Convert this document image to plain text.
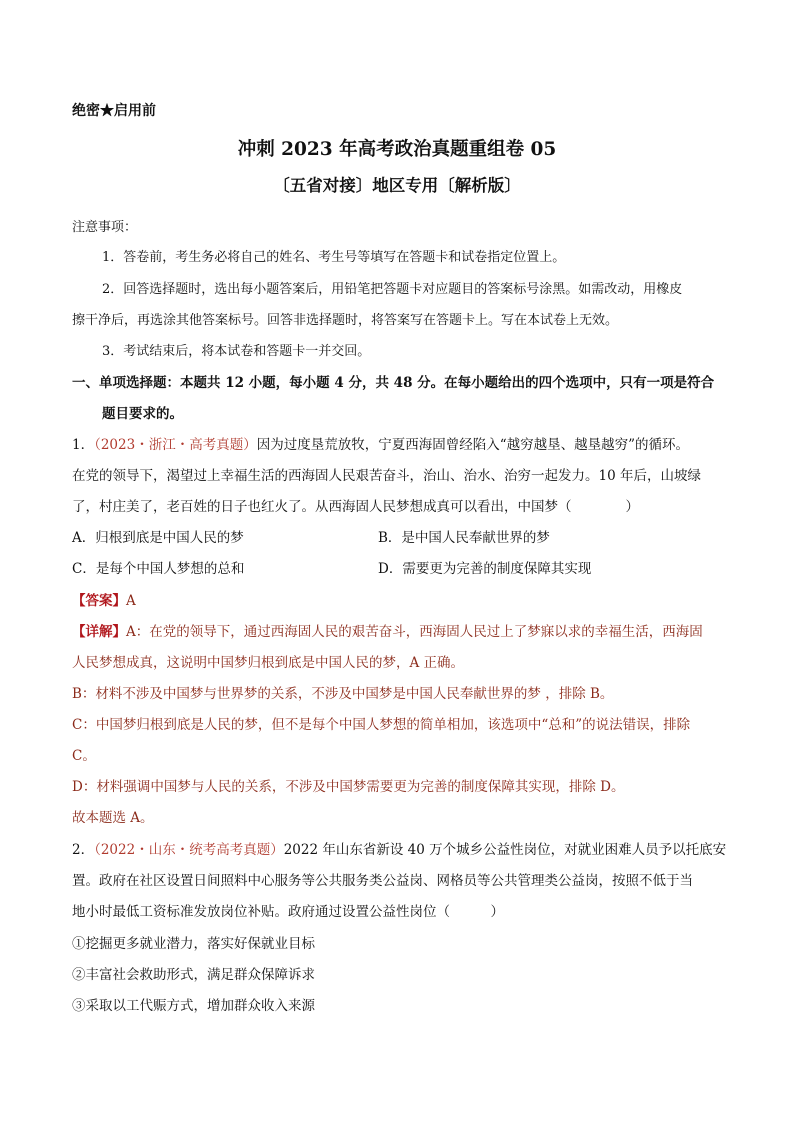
绝密★启用前
冲刺 2023 年高考政治真题重组卷 05
〔五省对接〕地区专用〔解析版〕
注意事项：
1．答卷前，考生务必将自己的姓名、考生号等填写在答题卡和试卷指定位置上。
2．回答选择题时，选出每小题答案后，用铅笔把答题卡对应题目的答案标号涂黑。如需改动，用橡皮
擦干净后，再选涂其他答案标号。回答非选择题时，将答案写在答题卡上。写在本试卷上无效。
3．考试结束后，将本试卷和答题卡一并交回。
一、单项选择题：本题共 12 小题，每小题 4 分，共 48 分。在每小题给出的四个选项中，只有一项是符合
题目要求的。
1．（2023・浙江・高考真题）因为过度垦荒放牧，宁夏西海固曾经陷入“越穷越垦、越垦越穷”的循环。
在党的领导下，渴望过上幸福生活的西海固人民艰苦奋斗，治山、治水、治穷一起发力。10 年后，山坡绿
了，村庄美了，老百姓的日子也红火了。从西海固人民梦想成真可以看出，中国梦（　　　　）
A．归根到底是中国人民的梦	B．是中国人民奉献世界的梦
C．是每个中国人梦想的总和	D．需要更为完善的制度保障其实现
【答案】A
【详解】A：在党的领导下，通过西海固人民的艰苦奋斗，西海固人民过上了梦寐以求的幸福生活，西海固
人民梦想成真，这说明中国梦归根到底是中国人民的梦，A 正确。
B：材料不涉及中国梦与世界梦的关系，不涉及中国梦是中国人民奉献世界的梦 ，排除 B。
C：中国梦归根到底是人民的梦，但不是每个中国人梦想的简单相加，该选项中“总和”的说法错误，排除
C。
D：材料强调中国梦与人民的关系，不涉及中国梦需要更为完善的制度保障其实现，排除 D。
故本题选 A。
2．（2022・山东・统考高考真题）2022 年山东省新设 40 万个城乡公益性岗位，对就业困难人员予以托底安
置。政府在社区设置日间照料中心服务等公共服务类公益岗、网格员等公共管理类公益岗，按照不低于当
地小时最低工资标准发放岗位补贴。政府通过设置公益性岗位（　　　）
①挖掘更多就业潜力，落实好保就业目标
②丰富社会救助形式，满足群众保障诉求
③采取以工代赈方式，增加群众收入来源
